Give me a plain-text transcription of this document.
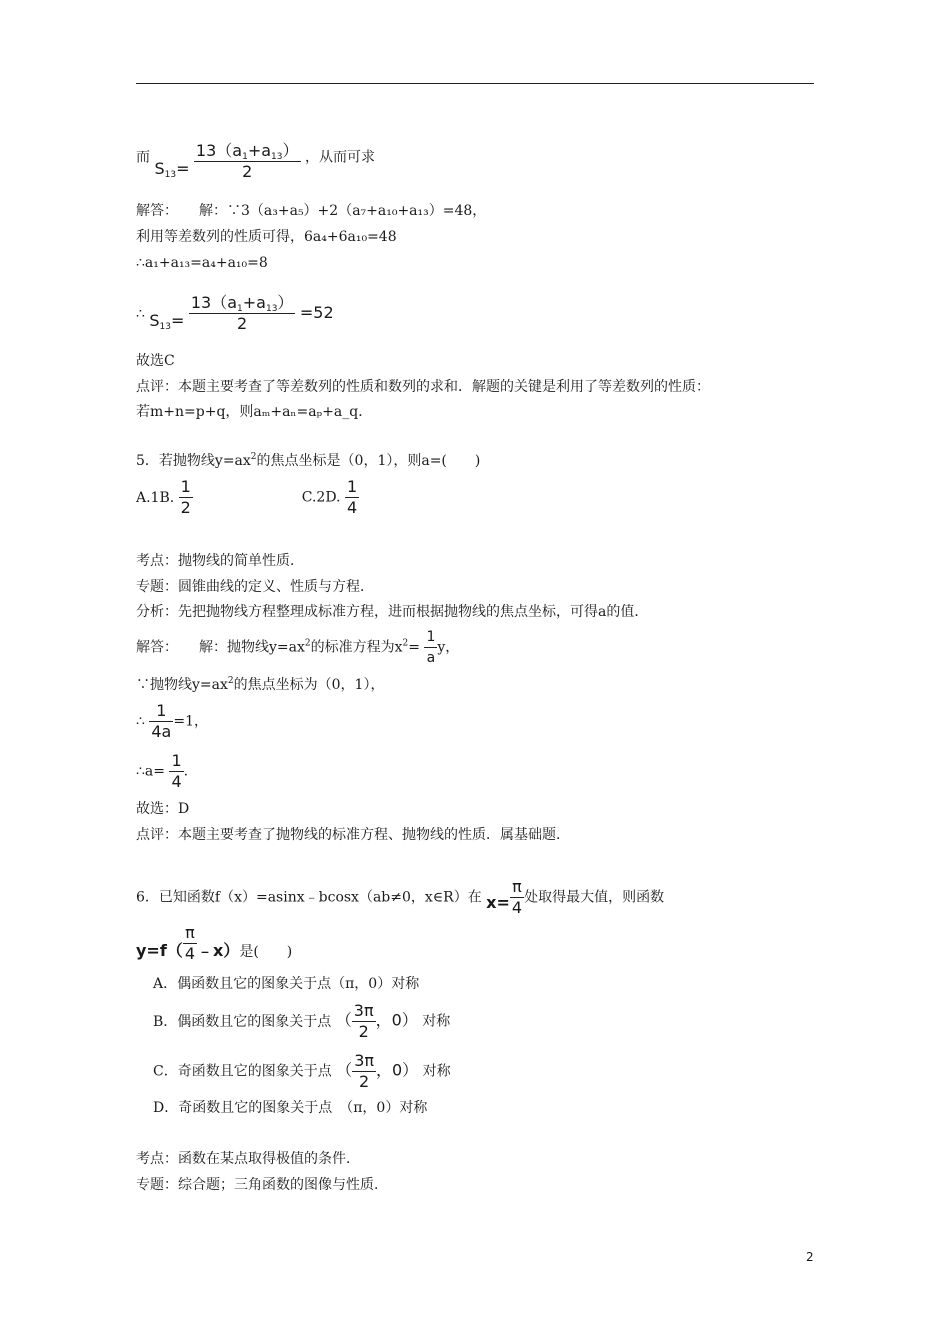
而 $S_{13}= \frac{13(a_1+a_{13})}{2}$ ，从而可求
解答：　　解：∵3（a₃+a₅）+2（a₇+a₁₀+a₁₃）=48，
利用等差数列的性质可得，6a₄+6a₁₀=48
∴a₁+a₁₃=a₄+a₁₀=8
∴ $S_{13}= \frac{13(a_1+a_{13})}{2} =52$
故选C
点评：本题主要考查了等差数列的性质和数列的求和．解题的关键是利用了等差数列的性质：
若m+n=p+q，则aₘ+aₙ=aₚ+a_q．
5．若抛物线$y=ax^2$的焦点坐标是（0，1），则a=(　　)
A.1B. $\frac{1}{2}$	C.2D. $\frac{1}{4}$
考点：抛物线的简单性质．
专题：圆锥曲线的定义、性质与方程．
分析：先把抛物线方程整理成标准方程，进而根据抛物线的焦点坐标，可得a的值．
解答：　　解：抛物线$y=ax^2$的标准方程为$x^2= \frac{1}{a}$ y，
∵抛物线$y=ax^2$的焦点坐标为（0，1），
∴ $\frac{1}{4a} =1$，
∴a= $\frac{1}{4}$ .
故选：D
点评：本题主要考查了抛物线的标准方程、抛物线的性质．属基础题．
6．已知函数f（x）=asinx﹣bcosx（ab≠0，x∈R）在 $x= \frac{\pi}{4}$ 处取得最大值，则函数
$y=f( \frac{\pi}{4}$ ﹣x）是(　　)
A．偶函数且它的图象关于点（π，0）对称
B．偶函数且它的图象关于点 （ $\frac{3\pi}{2}$ ，0） 对称
C．奇函数且它的图象关于点 （ $\frac{3\pi}{2}$ ，0） 对称
D．奇函数且它的图象关于点　（π，0）对称
考点：函数在某点取得极值的条件．
专题：综合题；三角函数的图像与性质．
2
